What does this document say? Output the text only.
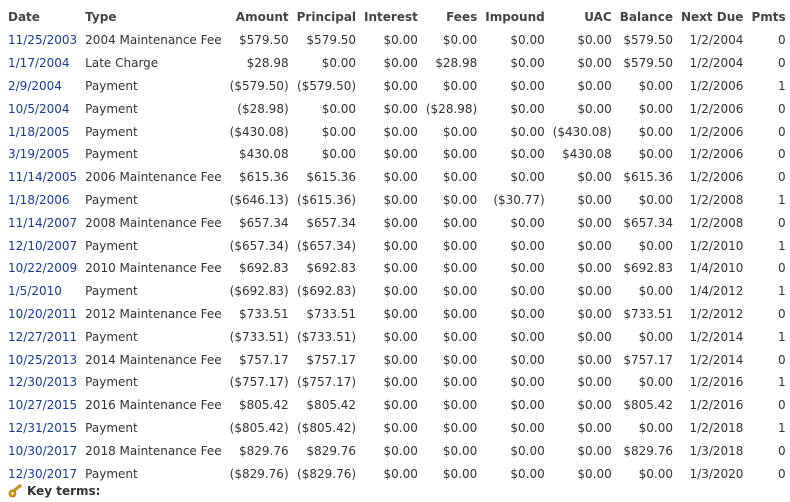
Date	Type	Amount	Principal	Interest	Fees	Impound	UAC	Balance	Next Due	Pmts
11/25/2003	2004 Maintenance Fee	$579.50	$579.50	$0.00	$0.00	$0.00	$0.00	$579.50	1/2/2004	0
1/17/2004	Late Charge	$28.98	$0.00	$0.00	$28.98	$0.00	$0.00	$579.50	1/2/2004	0
2/9/2004	Payment	($579.50)	($579.50)	$0.00	$0.00	$0.00	$0.00	$0.00	1/2/2006	1
10/5/2004	Payment	($28.98)	$0.00	$0.00	($28.98)	$0.00	$0.00	$0.00	1/2/2006	0
1/18/2005	Payment	($430.08)	$0.00	$0.00	$0.00	$0.00	($430.08)	$0.00	1/2/2006	0
3/19/2005	Payment	$430.08	$0.00	$0.00	$0.00	$0.00	$430.08	$0.00	1/2/2006	0
11/14/2005	2006 Maintenance Fee	$615.36	$615.36	$0.00	$0.00	$0.00	$0.00	$615.36	1/2/2006	0
1/18/2006	Payment	($646.13)	($615.36)	$0.00	$0.00	($30.77)	$0.00	$0.00	1/2/2008	1
11/14/2007	2008 Maintenance Fee	$657.34	$657.34	$0.00	$0.00	$0.00	$0.00	$657.34	1/2/2008	0
12/10/2007	Payment	($657.34)	($657.34)	$0.00	$0.00	$0.00	$0.00	$0.00	1/2/2010	1
10/22/2009	2010 Maintenance Fee	$692.83	$692.83	$0.00	$0.00	$0.00	$0.00	$692.83	1/4/2010	0
1/5/2010	Payment	($692.83)	($692.83)	$0.00	$0.00	$0.00	$0.00	$0.00	1/4/2012	1
10/20/2011	2012 Maintenance Fee	$733.51	$733.51	$0.00	$0.00	$0.00	$0.00	$733.51	1/2/2012	0
12/27/2011	Payment	($733.51)	($733.51)	$0.00	$0.00	$0.00	$0.00	$0.00	1/2/2014	1
10/25/2013	2014 Maintenance Fee	$757.17	$757.17	$0.00	$0.00	$0.00	$0.00	$757.17	1/2/2014	0
12/30/2013	Payment	($757.17)	($757.17)	$0.00	$0.00	$0.00	$0.00	$0.00	1/2/2016	1
10/27/2015	2016 Maintenance Fee	$805.42	$805.42	$0.00	$0.00	$0.00	$0.00	$805.42	1/2/2016	0
12/31/2015	Payment	($805.42)	($805.42)	$0.00	$0.00	$0.00	$0.00	$0.00	1/2/2018	1
10/30/2017	2018 Maintenance Fee	$829.76	$829.76	$0.00	$0.00	$0.00	$0.00	$829.76	1/3/2018	0
12/30/2017	Payment	($829.76)	($829.76)	$0.00	$0.00	$0.00	$0.00	$0.00	1/3/2020	0
Key terms:
